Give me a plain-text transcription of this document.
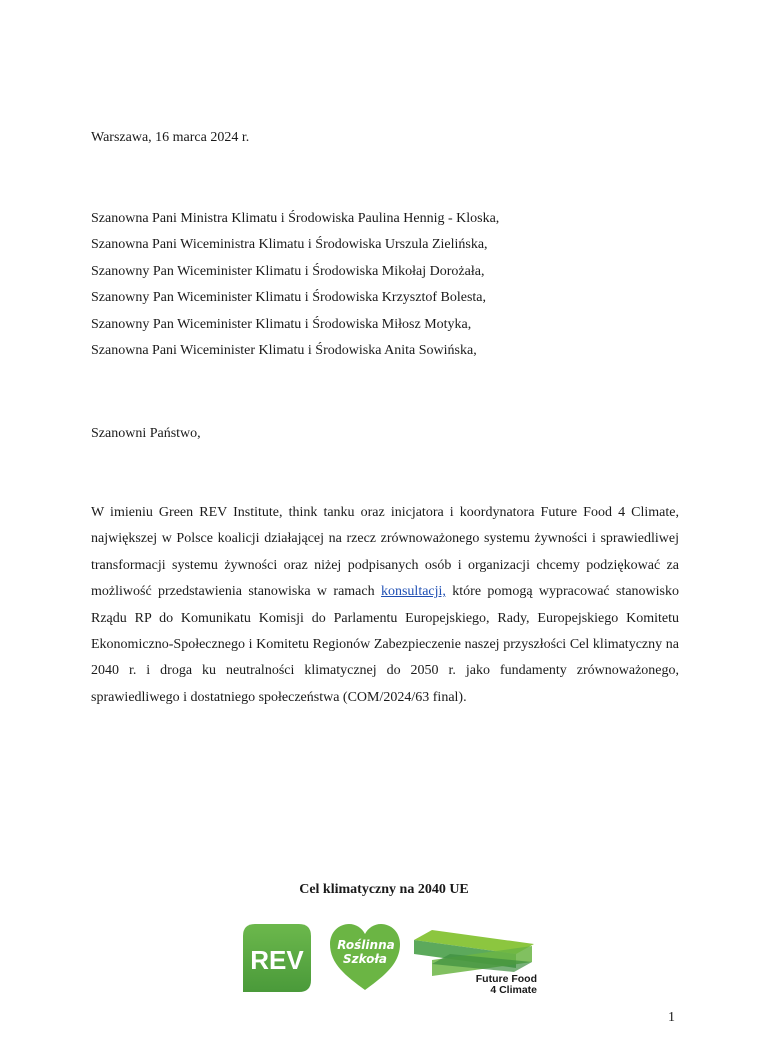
Warszawa, 16 marca 2024 r.
Szanowna Pani Ministra Klimatu i Środowiska Paulina Hennig - Kloska,
Szanowna Pani Wiceministra Klimatu i Środowiska Urszula Zielińska,
Szanowny Pan Wiceminister Klimatu i Środowiska Mikołaj Dorożała,
Szanowny Pan Wiceminister Klimatu i Środowiska Krzysztof Bolesta,
Szanowny Pan Wiceminister Klimatu i Środowiska Miłosz Motyka,
Szanowna Pani Wiceminister Klimatu i Środowiska Anita Sowińska,
Szanowni Państwo,

W imieniu Green REV Institute, think tanku oraz inicjatora i koordynatora Future Food 4 Climate, największej w Polsce koalicji działającej na rzecz zrównoważonego systemu żywności i sprawiedliwej transformacji systemu żywności oraz niżej podpisanych osób i organizacji chcemy podziękować za możliwość przedstawienia stanowiska w ramach konsultacji, które pomogą wypracować stanowisko Rządu RP do Komunikatu Komisji do Parlamentu Europejskiego, Rady, Europejskiego Komitetu Ekonomiczno-Społecznego i Komitetu Regionów Zabezpieczenie naszej przyszłości Cel klimatyczny na 2040 r. i droga ku neutralności klimatycznej do 2050 r. jako fundamenty zrównoważonego, sprawiedliwego i dostatniego społeczeństwa (COM/2024/63 final).

Cel klimatyczny na 2040 UE
REV	Roślinna
Szkoła
Future Food
4 Climate
1
